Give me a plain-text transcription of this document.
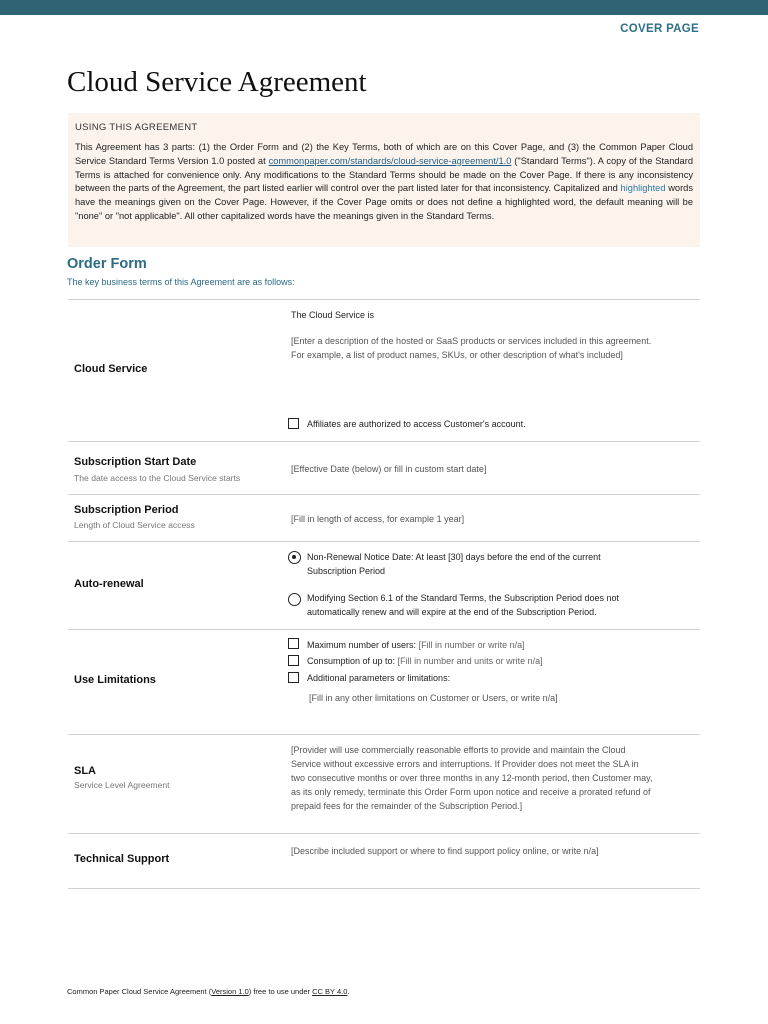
COVER PAGE
Cloud Service Agreement
USING THIS AGREEMENT
This Agreement has 3 parts: (1) the Order Form and (2) the Key Terms, both of which are on this Cover Page, and (3) the Common Paper Cloud Service Standard Terms Version 1.0 posted at commonpaper.com/standards/cloud-service-agreement/1.0 ("Standard Terms"). A copy of the Standard Terms is attached for convenience only. Any modifications to the Standard Terms should be made on the Cover Page. If there is any inconsistency between the parts of the Agreement, the part listed earlier will control over the part listed later for that inconsistency. Capitalized and highlighted words have the meanings given on the Cover Page. However, if the Cover Page omits or does not define a highlighted word, the default meaning will be "none" or "not applicable". All other capitalized words have the meanings given in the Standard Terms.
Order Form
The key business terms of this Agreement are as follows:
Cloud Service
The Cloud Service is
[Enter a description of the hosted or SaaS products or services included in this agreement.
For example, a list of product names, SKUs, or other description of what's included]
Affiliates are authorized to access Customer's account.
Subscription Start Date
The date access to the Cloud Service starts
[Effective Date (below) or fill in custom start date]
Subscription Period
Length of Cloud Service access
[Fill in length of access, for example 1 year]
Auto-renewal
Non-Renewal Notice Date: At least [30] days before the end of the current
Subscription Period
Modifying Section 6.1 of the Standard Terms, the Subscription Period does not
automatically renew and will expire at the end of the Subscription Period.
Use Limitations
Maximum number of users: [Fill in number or write n/a]
Consumption of up to: [Fill in number and units or write n/a]
Additional parameters or limitations:
[Fill in any other limitations on Customer or Users, or write n/a]
SLA
Service Level Agreement
[Provider will use commercially reasonable efforts to provide and maintain the Cloud
Service without excessive errors and interruptions. If Provider does not meet the SLA in
two consecutive months or over three months in any 12-month period, then Customer may,
as its only remedy, terminate this Order Form upon notice and receive a prorated refund of
prepaid fees for the remainder of the Subscription Period.]
Technical Support
[Describe included support or where to find support policy online, or write n/a]
Common Paper Cloud Service Agreement (Version 1.0) free to use under CC BY 4.0.
